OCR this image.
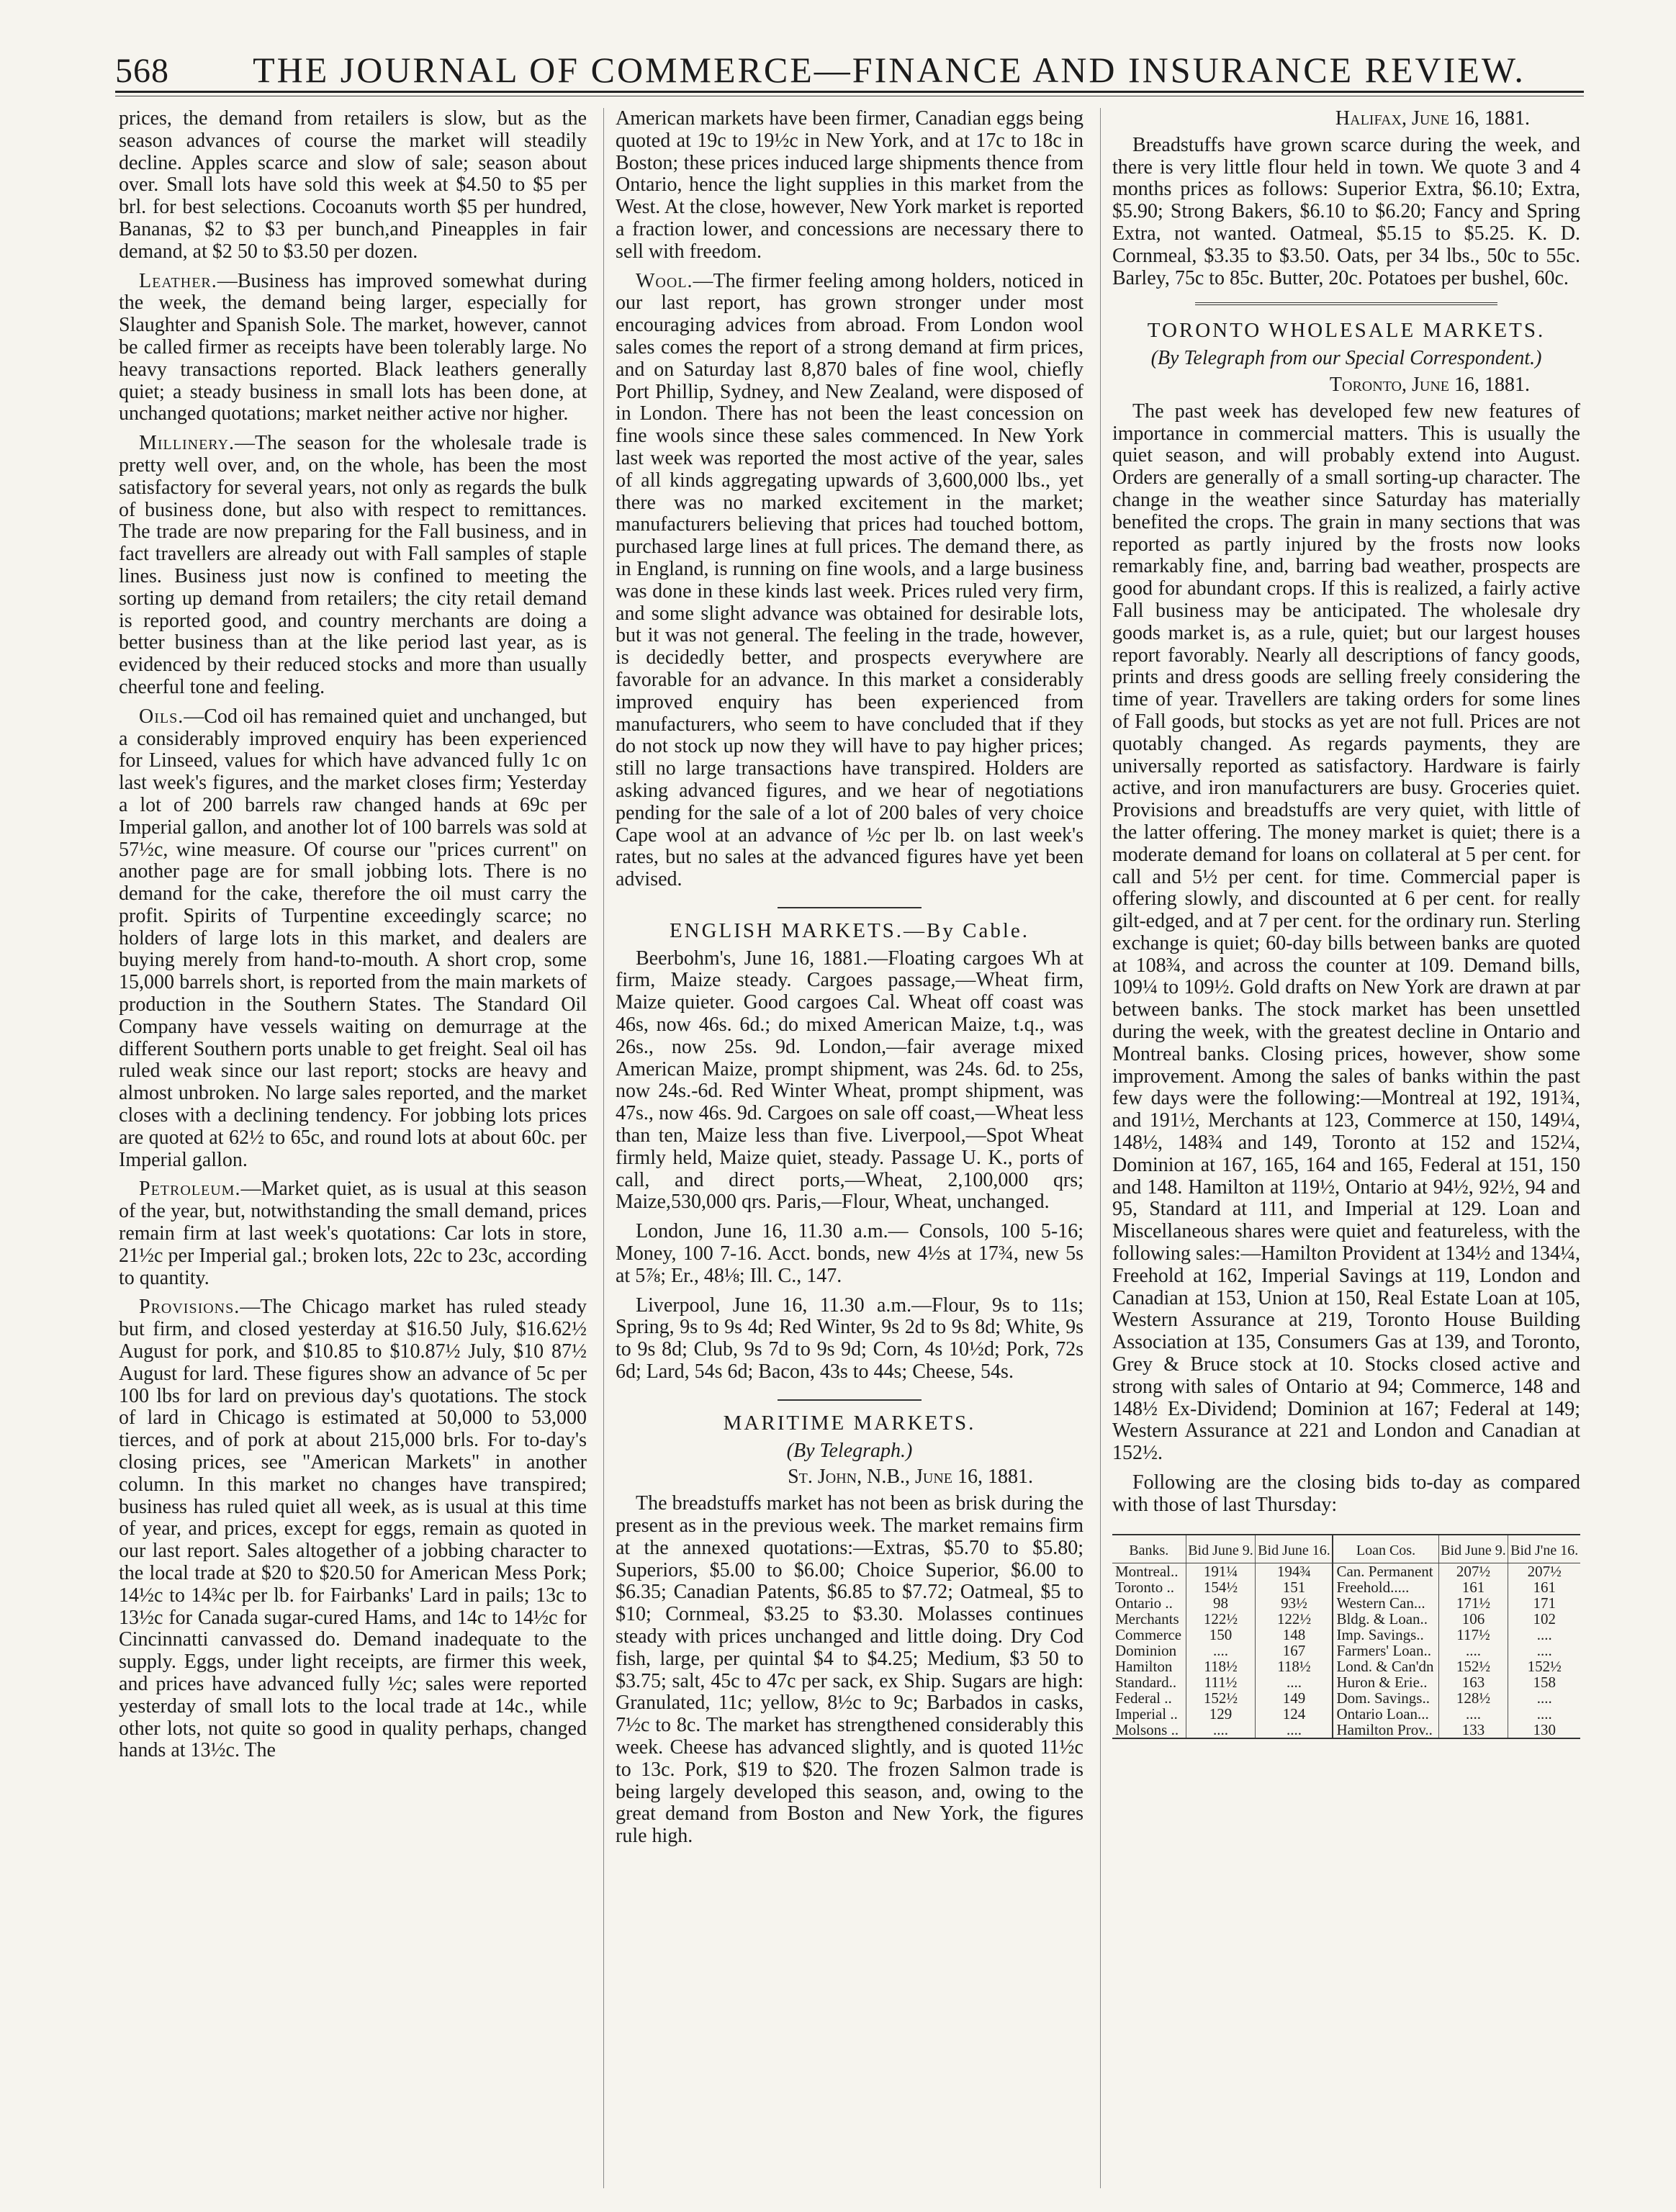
568	THE JOURNAL OF COMMERCE—FINANCE AND INSURANCE REVIEW.

prices, the demand from retailers is slow, but as the season advances of course the market will steadily decline. Apples scarce and slow of sale; season about over. Small lots have sold this week at $4.50 to $5 per brl. for best selections. Cocoanuts worth $5 per hundred, Bananas, $2 to $3 per bunch,and Pineapples in fair demand, at $2 50 to $3.50 per dozen.

Leather.—Business has improved somewhat during the week, the demand being larger, especially for Slaughter and Spanish Sole. The market, however, cannot be called firmer as receipts have been tolerably large. No heavy transactions reported. Black leathers generally quiet; a steady business in small lots has been done, at unchanged quotations; market neither active nor higher.

Millinery.—The season for the wholesale trade is pretty well over, and, on the whole, has been the most satisfactory for several years, not only as regards the bulk of business done, but also with respect to remittances. The trade are now preparing for the Fall business, and in fact travellers are already out with Fall samples of staple lines. Business just now is confined to meeting the sorting up demand from retailers; the city retail demand is reported good, and country merchants are doing a better business than at the like period last year, as is evidenced by their reduced stocks and more than usually cheerful tone and feeling.

Oils.—Cod oil has remained quiet and unchanged, but a considerably improved enquiry has been experienced for Linseed, values for which have advanced fully 1c on last week's figures, and the market closes firm; Yesterday a lot of 200 barrels raw changed hands at 69c per Imperial gallon, and another lot of 100 barrels was sold at 57½c, wine measure. Of course our "prices current" on another page are for small jobbing lots. There is no demand for the cake, therefore the oil must carry the profit. Spirits of Turpentine exceedingly scarce; no holders of large lots in this market, and dealers are buying merely from hand-to-mouth. A short crop, some 15,000 barrels short, is reported from the main markets of production in the Southern States. The Standard Oil Company have vessels waiting on demurrage at the different Southern ports unable to get freight. Seal oil has ruled weak since our last report; stocks are heavy and almost unbroken. No large sales reported, and the market closes with a declining tendency. For jobbing lots prices are quoted at 62½ to 65c, and round lots at about 60c. per Imperial gallon.

Petroleum.—Market quiet, as is usual at this season of the year, but, notwithstanding the small demand, prices remain firm at last week's quotations: Car lots in store, 21½c per Imperial gal.; broken lots, 22c to 23c, according to quantity.

Provisions.—The Chicago market has ruled steady but firm, and closed yesterday at $16.50 July, $16.62½ August for pork, and $10.85 to $10.87½ July, $10 87½ August for lard. These figures show an advance of 5c per 100 lbs for lard on previous day's quotations. The stock of lard in Chicago is estimated at 50,000 to 53,000 tierces, and of pork at about 215,000 brls. For to-day's closing prices, see "American Markets" in another column. In this market no changes have transpired; business has ruled quiet all week, as is usual at this time of year, and prices, except for eggs, remain as quoted in our last report. Sales altogether of a jobbing character to the local trade at $20 to $20.50 for American Mess Pork; 14½c to 14¾c per lb. for Fairbanks' Lard in pails; 13c to 13½c for Canada sugar-cured Hams, and 14c to 14½c for Cincinnatti canvassed do. Demand inadequate to the supply. Eggs, under light receipts, are firmer this week, and prices have advanced fully ½c; sales were reported yesterday of small lots to the local trade at 14c., while other lots, not quite so good in quality perhaps, changed hands at 13½c. The

American markets have been firmer, Canadian eggs being quoted at 19c to 19½c in New York, and at 17c to 18c in Boston; these prices induced large shipments thence from Ontario, hence the light supplies in this market from the West. At the close, however, New York market is reported a fraction lower, and concessions are necessary there to sell with freedom.

Wool.—The firmer feeling among holders, noticed in our last report, has grown stronger under most encouraging advices from abroad. From London wool sales comes the report of a strong demand at firm prices, and on Saturday last 8,870 bales of fine wool, chiefly Port Phillip, Sydney, and New Zealand, were disposed of in London. There has not been the least concession on fine wools since these sales commenced. In New York last week was reported the most active of the year, sales of all kinds aggregating upwards of 3,600,000 lbs., yet there was no marked excitement in the market; manufacturers believing that prices had touched bottom, purchased large lines at full prices. The demand there, as in England, is running on fine wools, and a large business was done in these kinds last week. Prices ruled very firm, and some slight advance was obtained for desirable lots, but it was not general. The feeling in the trade, however, is decidedly better, and prospects everywhere are favorable for an advance. In this market a considerably improved enquiry has been experienced from manufacturers, who seem to have concluded that if they do not stock up now they will have to pay higher prices; still no large transactions have transpired. Holders are asking advanced figures, and we hear of negotiations pending for the sale of a lot of 200 bales of very choice Cape wool at an advance of ½c per lb. on last week's rates, but no sales at the advanced figures have yet been advised.

ENGLISH MARKETS.—By Cable.

Beerbohm's, June 16, 1881.—Floating cargoes Wh at firm, Maize steady. Cargoes passage,—Wheat firm, Maize quieter. Good cargoes Cal. Wheat off coast was 46s, now 46s. 6d.; do mixed American Maize, t.q., was 26s., now 25s. 9d. London,—fair average mixed American Maize, prompt shipment, was 24s. 6d. to 25s, now 24s.-6d. Red Winter Wheat, prompt shipment, was 47s., now 46s. 9d. Cargoes on sale off coast,—Wheat less than ten, Maize less than five. Liverpool,—Spot Wheat firmly held, Maize quiet, steady. Passage U. K., ports of call, and direct ports,—Wheat, 2,100,000 qrs; Maize,530,000 qrs. Paris,—Flour, Wheat, unchanged.

London, June 16, 11.30 a.m.— Consols, 100 5-16; Money, 100 7-16. Acct. bonds, new 4½s at 17¾, new 5s at 5⅞; Er., 48⅛; Ill. C., 147.

Liverpool, June 16, 11.30 a.m.—Flour, 9s to 11s; Spring, 9s to 9s 4d; Red Winter, 9s 2d to 9s 8d; White, 9s to 9s 8d; Club, 9s 7d to 9s 9d; Corn, 4s 10½d; Pork, 72s 6d; Lard, 54s 6d; Bacon, 43s to 44s; Cheese, 54s.

MARITIME MARKETS.
(By Telegraph.)
St. John, N.B., June 16, 1881.

The breadstuffs market has not been as brisk during the present as in the previous week. The market remains firm at the annexed quotations:—Extras, $5.70 to $5.80; Superiors, $5.00 to $6.00; Choice Superior, $6.00 to $6.35; Canadian Patents, $6.85 to $7.72; Oatmeal, $5 to $10; Cornmeal, $3.25 to $3.30. Molasses continues steady with prices unchanged and little doing. Dry Cod fish, large, per quintal $4 to $4.25; Medium, $3 50 to $3.75; salt, 45c to 47c per sack, ex Ship. Sugars are high: Granulated, 11c; yellow, 8½c to 9c; Barbados in casks, 7½c to 8c. The market has strengthened considerably this week. Cheese has advanced slightly, and is quoted 11½c to 13c. Pork, $19 to $20. The frozen Salmon trade is being largely developed this season, and, owing to the great demand from Boston and New York, the figures rule high.

Halifax, June 16, 1881.

Breadstuffs have grown scarce during the week, and there is very little flour held in town. We quote 3 and 4 months prices as follows: Superior Extra, $6.10; Extra, $5.90; Strong Bakers, $6.10 to $6.20; Fancy and Spring Extra, not wanted. Oatmeal, $5.15 to $5.25. K. D. Cornmeal, $3.35 to $3.50. Oats, per 34 lbs., 50c to 55c. Barley, 75c to 85c. Butter, 20c. Potatoes per bushel, 60c.

TORONTO WHOLESALE MARKETS.
(By Telegraph from our Special Correspondent.)
Toronto, June 16, 1881.

The past week has developed few new features of importance in commercial matters. This is usually the quiet season, and will probably extend into August. Orders are generally of a small sorting-up character. The change in the weather since Saturday has materially benefited the crops. The grain in many sections that was reported as partly injured by the frosts now looks remarkably fine, and, barring bad weather, prospects are good for abundant crops. If this is realized, a fairly active Fall business may be anticipated. The wholesale dry goods market is, as a rule, quiet; but our largest houses report favorably. Nearly all descriptions of fancy goods, prints and dress goods are selling freely considering the time of year. Travellers are taking orders for some lines of Fall goods, but stocks as yet are not full. Prices are not quotably changed. As regards payments, they are universally reported as satisfactory. Hardware is fairly active, and iron manufacturers are busy. Groceries quiet. Provisions and breadstuffs are very quiet, with little of the latter offering. The money market is quiet; there is a moderate demand for loans on collateral at 5 per cent. for call and 5½ per cent. for time. Commercial paper is offering slowly, and discounted at 6 per cent. for really gilt-edged, and at 7 per cent. for the ordinary run. Sterling exchange is quiet; 60-day bills between banks are quoted at 108¾, and across the counter at 109. Demand bills, 109¼ to 109½. Gold drafts on New York are drawn at par between banks. The stock market has been unsettled during the week, with the greatest decline in Ontario and Montreal banks. Closing prices, however, show some improvement. Among the sales of banks within the past few days were the following:—Montreal at 192, 191¾, and 191½, Merchants at 123, Commerce at 150, 149¼, 148½, 148¾ and 149, Toronto at 152 and 152¼, Dominion at 167, 165, 164 and 165, Federal at 151, 150 and 148. Hamilton at 119½, Ontario at 94½, 92½, 94 and 95, Standard at 111, and Imperial at 129. Loan and Miscellaneous shares were quiet and featureless, with the following sales:—Hamilton Provident at 134½ and 134¼, Freehold at 162, Imperial Savings at 119, London and Canadian at 153, Union at 150, Real Estate Loan at 105, Western Assurance at 219, Toronto House Building Association at 135, Consumers Gas at 139, and Toronto, Grey & Bruce stock at 10. Stocks closed active and strong with sales of Ontario at 94; Commerce, 148 and 148½ Ex-Dividend; Dominion at 167; Federal at 149; Western Assurance at 221 and London and Canadian at 152½.

Following are the closing bids to-day as compared with those of last Thursday:

Banks.	Bid June 9.	Bid June 16.	Loan Cos.	Bid June 9.	Bid J'ne 16.
Montreal..	191¼	194¾	Can. Permanent	207½	207½
Toronto ..	154½	151	Freehold.....	161	161
Ontario ..	98	93½	Western Can...	171½	171
Merchants	122½	122½	Bldg. & Loan..	106	102
Commerce	150	148	Imp. Savings..	117½	....
Dominion	....	167	Farmers' Loan..	....	....
Hamilton	118½	118½	Lond. & Can'dn	152½	152½
Standard..	111½	....	Huron & Erie..	163	158
Federal ..	152½	149	Dom. Savings..	128½	....
Imperial ..	129	124	Ontario Loan...	....	....
Molsons ..	....	....	Hamilton Prov..	133	130
